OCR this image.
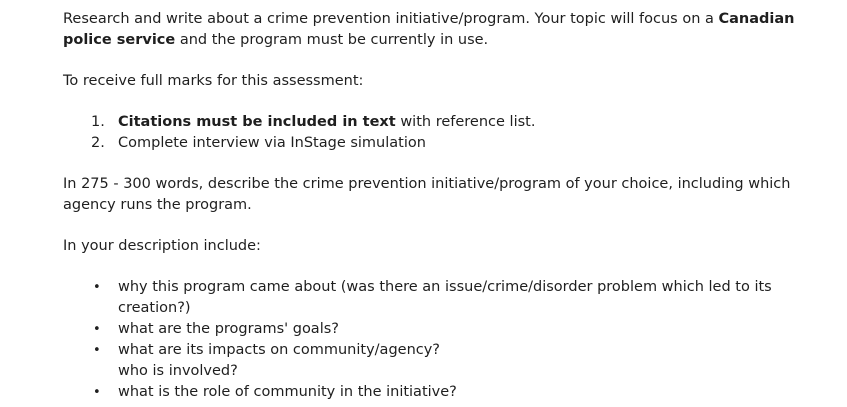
Research and write about a crime prevention initiative/program. Your topic will focus on a Canadian police service and the program must be currently in use.

To receive full marks for this assessment:

1. Citations must be included in text with reference list.
2. Complete interview via InStage simulation

In 275 - 300 words, describe the crime prevention initiative/program of your choice, including which agency runs the program.

In your description include:

• why this program came about (was there an issue/crime/disorder problem which led to its creation?)
• what are the programs' goals?
• what are its impacts on community/agency?
who is involved?
• what is the role of community in the initiative?
